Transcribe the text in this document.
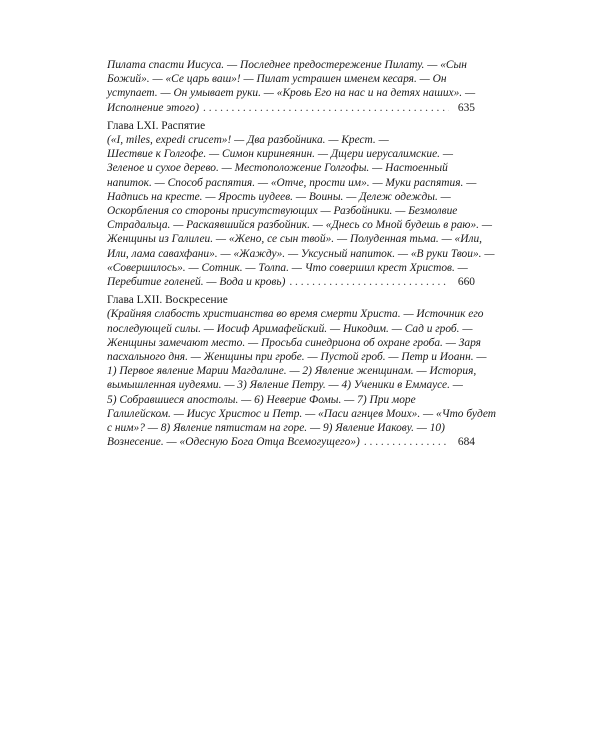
Пилата спасти Иисуса. — Последнее предостережение Пилату. — «Сын
Божий». — «Се царь ваш»! — Пилат устрашен именем кесаря. — Он
уступает. — Он умывает руки. — «Кровь Его на нас и на детях наших». —
Исполнение этого) . . .	635
Глава LXI. Распятие
(«I, miles, expedi crucem»! — Два разбойника. — Крест. —
Шествие к Голгофе. — Симон киринеянин. — Дщери иерусалимские. —
Зеленое и сухое дерево. — Местоположение Голгофы. — Настоенный
напиток. — Способ распятия. — «Отче, прости им». — Муки распятия. —
Надпись на кресте. — Ярость иудеев. — Воины. — Дележ одежды. —
Оскорбления со стороны присутствующих — Разбойники. — Безмолвие
Страдальца. — Раскаявшийся разбойник. — «Днесь со Мной будешь в раю». —
Женщины из Галилеи. — «Жено, се сын твой». — Полуденная тьма. — «Или,
Или, лама савахфани». — «Жажду». — Уксусный напиток. — «В руки Твои». —
«Совершилось». — Сотник. — Толпа. — Что совершил крест Христов. —
Перебитие голеней. — Вода и кровь) . . .	660
Глава LXII. Воскресение
(Крайняя слабость христианства во время смерти Христа. — Источник его
последующей силы. — Иосиф Аримафейский. — Никодим. — Сад и гроб. —
Женщины замечают место. — Просьба синедриона об охране гроба. — Заря
пасхального дня. — Женщины при гробе. — Пустой гроб. — Петр и Иоанн. —
1) Первое явление Марии Магдалине. — 2) Явление женщинам. — История,
вымышленная иудеями. — 3) Явление Петру. — 4) Ученики в Еммаусе. —
5) Собравшиеся апостолы. — 6) Неверие Фомы. — 7) При море
Галилейском. — Иисус Христос и Петр. — «Паси агнцев Моих». — «Что будет
с ним»? — 8) Явление пятистам на горе. — 9) Явление Иакову. — 10)
Вознесение. — «Одесную Бога Отца Всемогущего») . . .	684
